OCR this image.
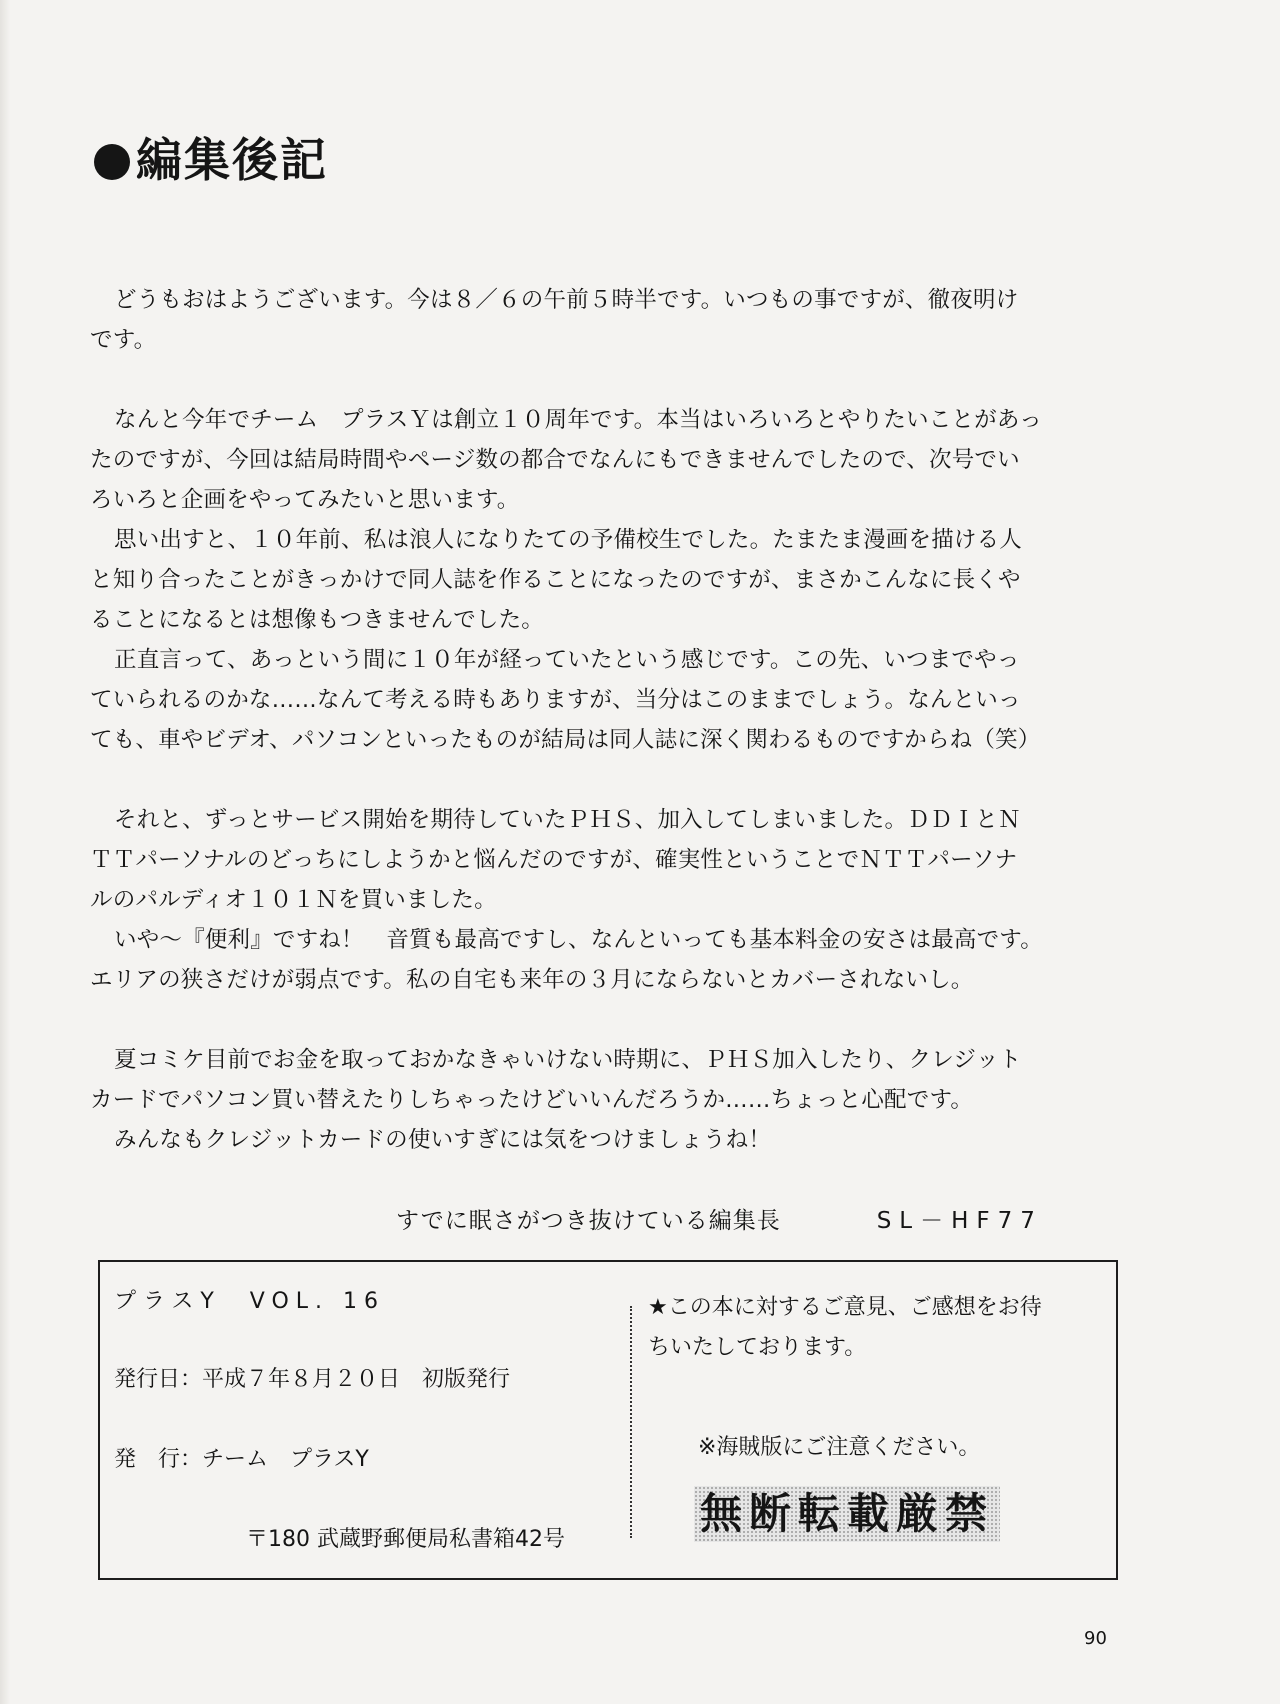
編集後記

どうもおはようございます。今は８／６の午前５時半です。いつもの事ですが、徹夜明け
です。

なんと今年でチーム　プラスＹは創立１０周年です。本当はいろいろとやりたいことがあっ
たのですが、今回は結局時間やページ数の都合でなんにもできませんでしたので、次号でい
ろいろと企画をやってみたいと思います。

思い出すと、１０年前、私は浪人になりたての予備校生でした。たまたま漫画を描ける人
と知り合ったことがきっかけで同人誌を作ることになったのですが、まさかこんなに長くや
ることになるとは想像もつきませんでした。

正直言って、あっという間に１０年が経っていたという感じです。この先、いつまでやっ
ていられるのかな……なんて考える時もありますが、当分はこのままでしょう。なんといっ
ても、車やビデオ、パソコンといったものが結局は同人誌に深く関わるものですからね（笑）

それと、ずっとサービス開始を期待していたＰＨＳ、加入してしまいました。ＤＤＩとＮ
ＴＴパーソナルのどっちにしようかと悩んだのですが、確実性ということでＮＴＴパーソナ
ルのパルディオ１０１Ｎを買いました。

いや～『便利』ですね！　音質も最高ですし、なんといっても基本料金の安さは最高です。
エリアの狭さだけが弱点です。私の自宅も来年の３月にならないとカバーされないし。

夏コミケ目前でお金を取っておかなきゃいけない時期に、ＰＨＳ加入したり、クレジット
カードでパソコン買い替えたりしちゃったけどいいんだろうか……ちょっと心配です。

みんなもクレジットカードの使いすぎには気をつけましょうね！

すでに眠さがつき抜けている編集長	SL－HF77
プラスY　VOL. 16
発行日：平成７年８月２０日　初版発行
発　行：チーム　プラスY
〒180 武蔵野郵便局私書箱42号

★この本に対するご意見、ご感想をお待
ちいたしております。

※海賊版にご注意ください。
無断転載厳禁
90
